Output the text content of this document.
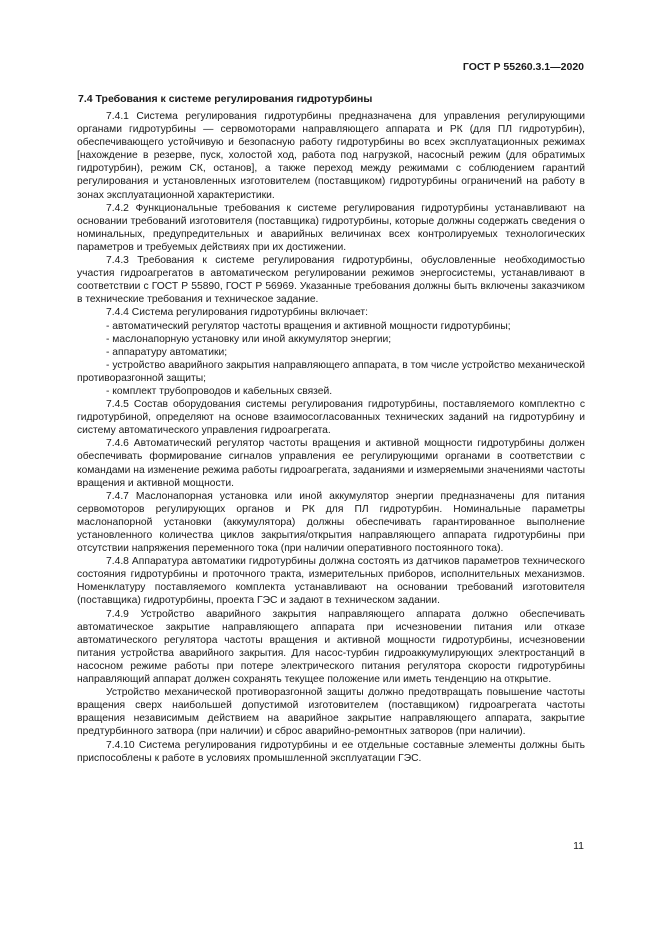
ГОСТ Р 55260.3.1—2020
7.4 Требования к системе регулирования гидротурбины

7.4.1 Система регулирования гидротурбины предназначена для управления регулирующими органами гидротурбины — сервомоторами направляющего аппарата и РК (для ПЛ гидротурбин), обеспечивающего устойчивую и безопасную работу гидротурбины во всех эксплуатационных режимах [нахождение в резерве, пуск, холостой ход, работа под нагрузкой, насосный режим (для обратимых гидротурбин), режим СК, останов], а также переход между режимами с соблюдением гарантий регулирования и установленных изготовителем (поставщиком) гидротурбины ограничений на работу в зонах эксплуатационной характеристики.

7.4.2 Функциональные требования к системе регулирования гидротурбины устанавливают на основании требований изготовителя (поставщика) гидротурбины, которые должны содержать сведения о номинальных, предупредительных и аварийных величинах всех контролируемых технологических параметров и требуемых действиях при их достижении.

7.4.3 Требования к системе регулирования гидротурбины, обусловленные необходимостью участия гидроагрегатов в автоматическом регулировании режимов энергосистемы, устанавливают в соответствии с ГОСТ Р 55890, ГОСТ Р 56969. Указанные требования должны быть включены заказчиком в технические требования и техническое задание.

7.4.4 Система регулирования гидротурбины включает:

- автоматический регулятор частоты вращения и активной мощности гидротурбины;

- маслонапорную установку или иной аккумулятор энергии;

- аппаратуру автоматики;

- устройство аварийного закрытия направляющего аппарата, в том числе устройство механической противоразгонной защиты;

- комплект трубопроводов и кабельных связей.

7.4.5 Состав оборудования системы регулирования гидротурбины, поставляемого комплектно с гидротурбиной, определяют на основе взаимосогласованных технических заданий на гидротурбину и систему автоматического управления гидроагрегата.

7.4.6 Автоматический регулятор частоты вращения и активной мощности гидротурбины должен обеспечивать формирование сигналов управления ее регулирующими органами в соответствии с командами на изменение режима работы гидроагрегата, заданиями и измеряемыми значениями частоты вращения и активной мощности.

7.4.7 Маслонапорная установка или иной аккумулятор энергии предназначены для питания сервомоторов регулирующих органов и РК для ПЛ гидротурбин. Номинальные параметры маслонапорной установки (аккумулятора) должны обеспечивать гарантированное выполнение установленного количества циклов закрытия/открытия направляющего аппарата гидротурбины при отсутствии напряжения переменного тока (при наличии оперативного постоянного тока).

7.4.8 Аппаратура автоматики гидротурбины должна состоять из датчиков параметров технического состояния гидротурбины и проточного тракта, измерительных приборов, исполнительных механизмов. Номенклатуру поставляемого комплекта устанавливают на основании требований изготовителя (поставщика) гидротурбины, проекта ГЭС и задают в техническом задании.

7.4.9 Устройство аварийного закрытия направляющего аппарата должно обеспечивать автоматическое закрытие направляющего аппарата при исчезновении питания или отказе автоматического регулятора частоты вращения и активной мощности гидротурбины, исчезновении питания устройства аварийного закрытия. Для насос-турбин гидроаккумулирующих электростанций в насосном режиме работы при потере электрического питания регулятора скорости гидротурбины направляющий аппарат должен сохранять текущее положение или иметь тенденцию на открытие.

Устройство механической противоразгонной защиты должно предотвращать повышение частоты вращения сверх наибольшей допустимой изготовителем (поставщиком) гидроагрегата частоты вращения независимым действием на аварийное закрытие направляющего аппарата, закрытие предтурбинного затвора (при наличии) и сброс аварийно-ремонтных затворов (при наличии).

7.4.10 Система регулирования гидротурбины и ее отдельные составные элементы должны быть приспособлены к работе в условиях промышленной эксплуатации ГЭС.

11
